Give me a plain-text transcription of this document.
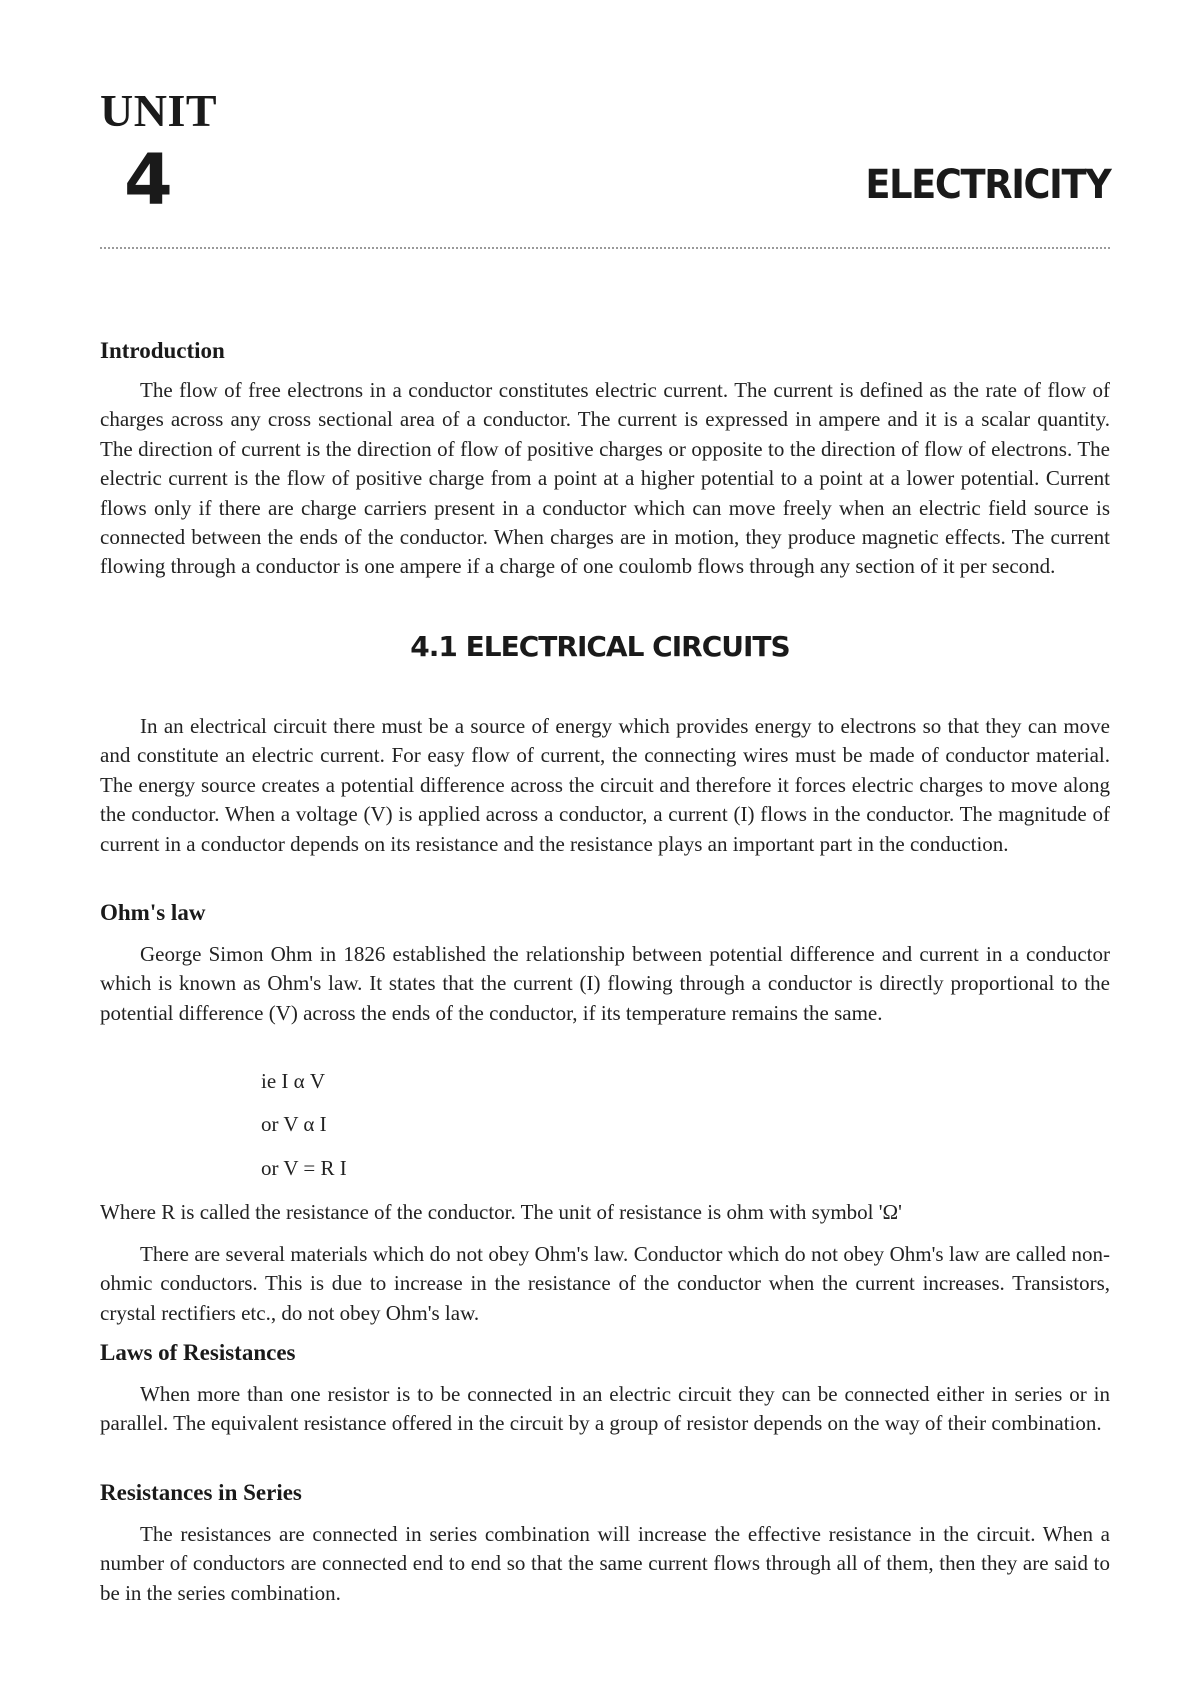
UNIT
4	ELECTRICITY
Introduction
The flow of free electrons in a conductor constitutes electric current. The current is defined as the rate of flow of charges across any cross sectional area of a conductor. The current is expressed in ampere and it is a scalar quantity. The direction of current is the direction of flow of positive charges or opposite to the direction of flow of electrons. The electric current is the flow of positive charge from a point at a higher potential to a point at a lower potential. Current flows only if there are charge carriers present in a conductor which can move freely when an electric field source is connected between the ends of the conductor. When charges are in motion, they produce magnetic effects. The current flowing through a conductor is one ampere if a charge of one coulomb flows through any section of it per second.
4.1 ELECTRICAL CIRCUITS
In an electrical circuit there must be a source of energy which provides energy to electrons so that they can move and constitute an electric current. For easy flow of current, the connecting wires must be made of conductor material. The energy source creates a potential difference across the circuit and therefore it forces electric charges to move along the conductor. When a voltage (V) is applied across a conductor, a current (I) flows in the conductor. The magnitude of current in a conductor depends on its resistance and the resistance plays an important part in the conduction.
Ohm's law
George Simon Ohm in 1826 established the relationship between potential difference and current in a conductor which is known as Ohm's law. It states that the current (I) flowing through a conductor is directly proportional to the potential difference (V) across the ends of the conductor, if its temperature remains the same.
ie I α V
or V α I
or V = R I
Where R is called the resistance of the conductor. The unit of resistance is ohm with symbol 'Ω'
There are several materials which do not obey Ohm's law. Conductor which do not obey Ohm's law are called non-ohmic conductors. This is due to increase in the resistance of the conductor when the current increases. Transistors, crystal rectifiers etc., do not obey Ohm's law.
Laws of Resistances
When more than one resistor is to be connected in an electric circuit they can be connected either in series or in parallel. The equivalent resistance offered in the circuit by a group of resistor depends on the way of their combination.
Resistances in Series
The resistances are connected in series combination will increase the effective resistance in the circuit. When a number of conductors are connected end to end so that the same current flows through all of them, then they are said to be in the series combination.
